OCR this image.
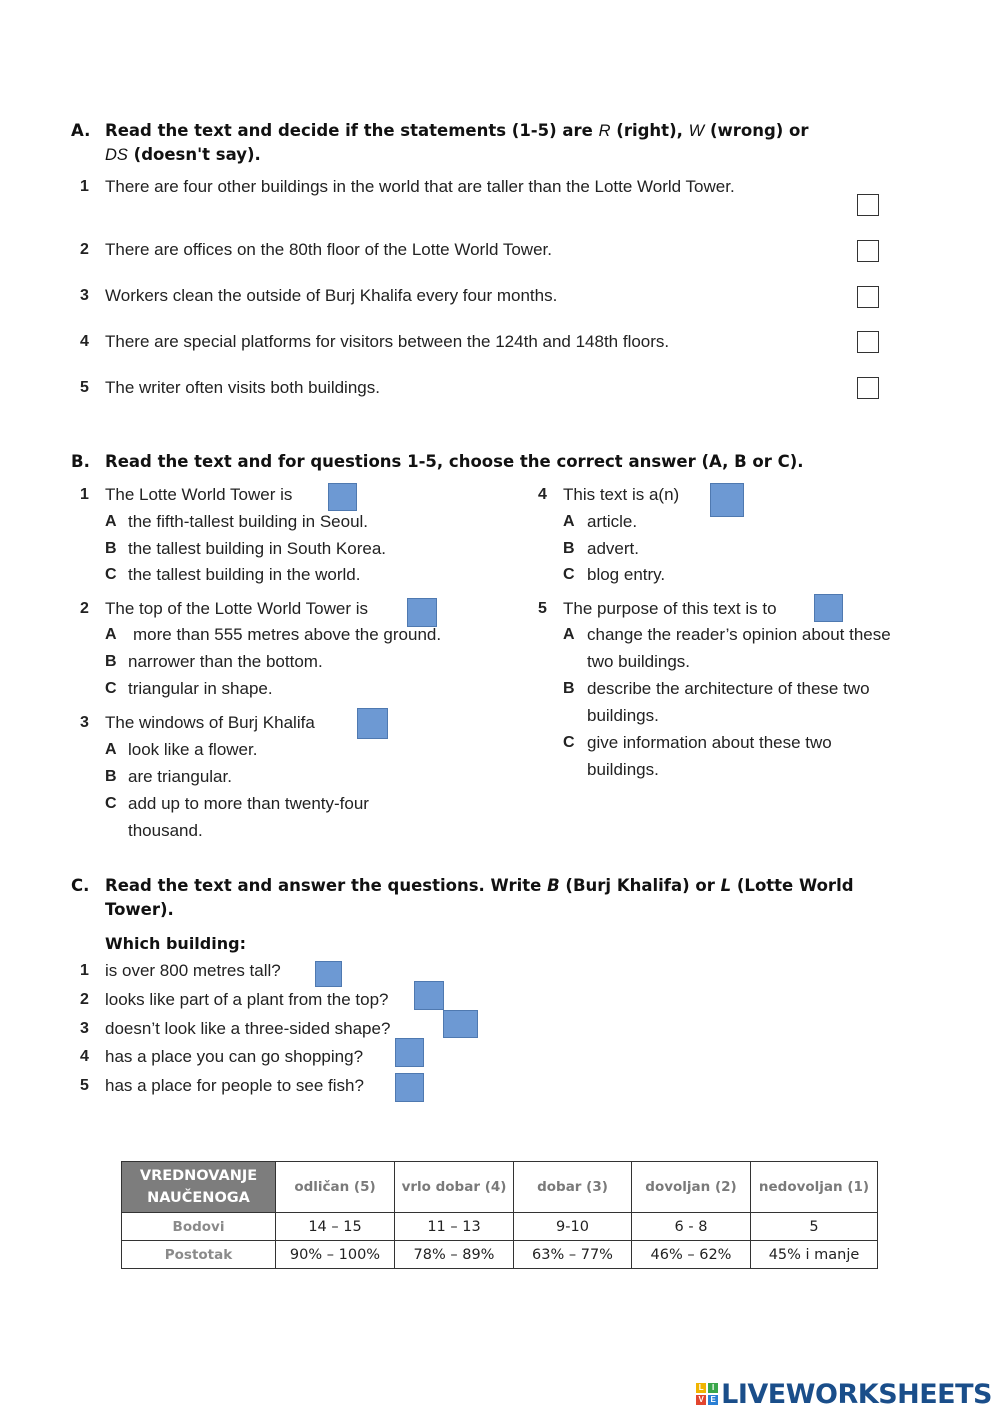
A. Read the text and decide if the statements (1-5) are R (right), W (wrong) or
DS (doesn't say).
1 There are four other buildings in the world that are taller than the Lotte World Tower.
2 There are offices on the 80th floor of the Lotte World Tower.
3 Workers clean the outside of Burj Khalifa every four months.
4 There are special platforms for visitors between the 124th and 148th floors.
5 The writer often visits both buildings.
B. Read the text and for questions 1-5, choose the correct answer (A, B or C).
1 The Lotte World Tower is
A the fifth-tallest building in Seoul.
B the tallest building in South Korea.
C the tallest building in the world.
2 The top of the Lotte World Tower is
A more than 555 metres above the ground.
B narrower than the bottom.
C triangular in shape.
3 The windows of Burj Khalifa
A look like a flower.
B are triangular.
C add up to more than twenty-four
thousand.
4 This text is a(n)
A article.
B advert.
C blog entry.
5 The purpose of this text is to
A change the reader’s opinion about these
two buildings.
B describe the architecture of these two
buildings.
C give information about these two
buildings.
C. Read the text and answer the questions. Write B (Burj Khalifa) or L (Lotte World
Tower).
Which building:
1 is over 800 metres tall?
2 looks like part of a plant from the top?
3 doesn’t look like a three-sided shape?
4 has a place you can go shopping?
5 has a place for people to see fish?
VREDNOVANJE
NAUČENOGA	odličan (5)	vrlo dobar (4)	dobar (3)	dovoljan (2)	nedovoljan (1)
Bodovi	14 – 15	11 – 13	9-10	6 - 8	5
Postotak	90% – 100%	78% – 89%	63% – 77%	46% – 62%	45% i manje
L	I
V E LIVEWORKSHEETS
